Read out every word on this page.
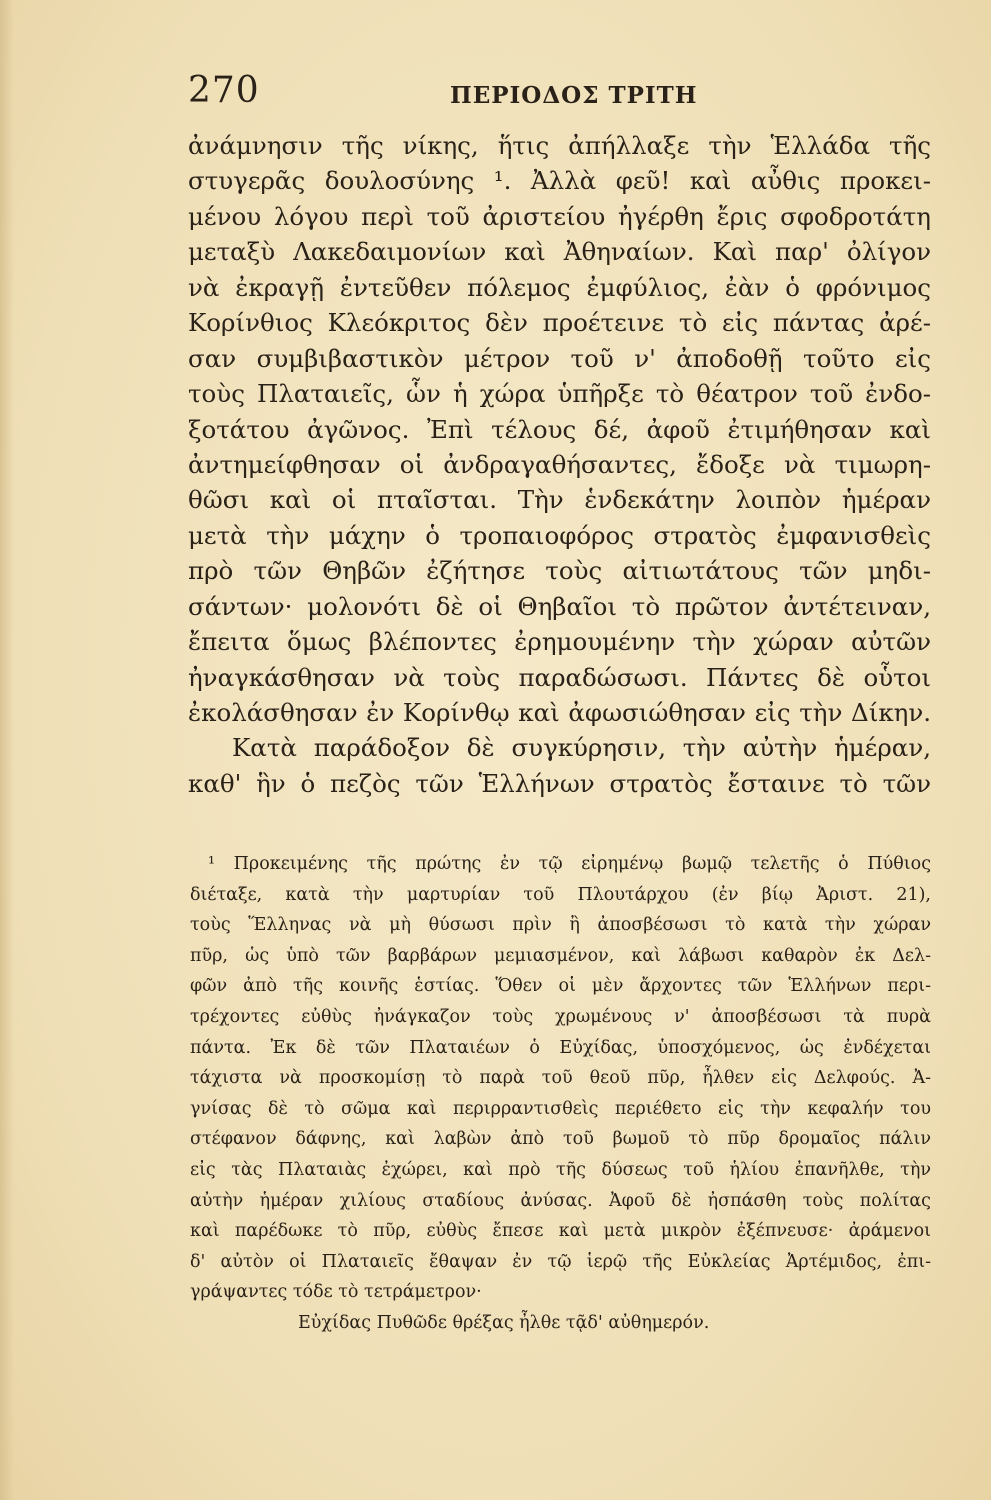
270	ΠΕΡΙΟΔΟΣ ΤΡΙΤΗ
ἀνάμνησιν τῆς νίκης, ἥτις ἀπήλλαξε τὴν Ἑλλάδα τῆς
στυγερᾶς δουλοσύνης ¹. Ἀλλὰ φεῦ! καὶ αὖθις προκει-
μένου λόγου περὶ τοῦ ἀριστείου ἠγέρθη ἔρις σφοδροτάτη
μεταξὺ Λακεδαιμονίων καὶ Ἀθηναίων. Καὶ παρ' ὀλίγον
νὰ ἐκραγῇ ἐντεῦθεν πόλεμος ἐμφύλιος, ἐὰν ὁ φρόνιμος
Κορίνθιος Κλεόκριτος δὲν προέτεινε τὸ εἰς πάντας ἀρέ-
σαν συμβιβαστικὸν μέτρον τοῦ ν' ἀποδοθῇ τοῦτο εἰς
τοὺς Πλαταιεῖς, ὧν ἡ χώρα ὑπῆρξε τὸ θέατρον τοῦ ἐνδο-
ξοτάτου ἀγῶνος. Ἐπὶ τέλους δέ, ἀφοῦ ἐτιμήθησαν καὶ
ἀντημείφθησαν οἱ ἀνδραγαθήσαντες, ἔδοξε νὰ τιμωρη-
θῶσι καὶ οἱ πταῖσται. Τὴν ἑνδεκάτην λοιπὸν ἡμέραν
μετὰ τὴν μάχην ὁ τροπαιοφόρος στρατὸς ἐμφανισθεὶς
πρὸ τῶν Θηβῶν ἐζήτησε τοὺς αἰτιωτάτους τῶν μηδι-
σάντων· μολονότι δὲ οἱ Θηβαῖοι τὸ πρῶτον ἀντέτειναν,
ἔπειτα ὅμως βλέποντες ἐρημουμένην τὴν χώραν αὐτῶν
ἠναγκάσθησαν νὰ τοὺς παραδώσωσι. Πάντες δὲ οὗτοι
ἐκολάσθησαν ἐν Κορίνθῳ καὶ ἀφωσιώθησαν εἰς τὴν Δίκην.
Κατὰ παράδοξον δὲ συγκύρησιν, τὴν αὐτὴν ἡμέραν,
καθ' ἣν ὁ πεζὸς τῶν Ἑλλήνων στρατὸς ἔσταινε τὸ τῶν
¹ Προκειμένης τῆς πρώτης ἐν τῷ εἰρημένῳ βωμῷ τελετῆς ὁ Πύθιος
διέταξε, κατὰ τὴν μαρτυρίαν τοῦ Πλουτάρχου (ἐν βίῳ Ἀριστ. 21),
τοὺς Ἕλληνας νὰ μὴ θύσωσι πρὶν ἢ ἀποσβέσωσι τὸ κατὰ τὴν χώραν
πῦρ, ὡς ὑπὸ τῶν βαρβάρων μεμιασμένον, καὶ λάβωσι καθαρὸν ἐκ Δελ-
φῶν ἀπὸ τῆς κοινῆς ἑστίας. Ὅθεν οἱ μὲν ἄρχοντες τῶν Ἑλλήνων περι-
τρέχοντες εὐθὺς ἠνάγκαζον τοὺς χρωμένους ν' ἀποσβέσωσι τὰ πυρὰ
πάντα. Ἐκ δὲ τῶν Πλαταιέων ὁ Εὐχίδας, ὑποσχόμενος, ὡς ἐνδέχεται
τάχιστα νὰ προσκομίσῃ τὸ παρὰ τοῦ θεοῦ πῦρ, ἦλθεν εἰς Δελφούς. Ἀ-
γνίσας δὲ τὸ σῶμα καὶ περιρραντισθεὶς περιέθετο εἰς τὴν κεφαλήν του
στέφανον δάφνης, καὶ λαβὼν ἀπὸ τοῦ βωμοῦ τὸ πῦρ δρομαῖος πάλιν
εἰς τὰς Πλαταιὰς ἐχώρει, καὶ πρὸ τῆς δύσεως τοῦ ἡλίου ἐπανῆλθε, τὴν
αὐτὴν ἡμέραν χιλίους σταδίους ἀνύσας. Ἀφοῦ δὲ ἠσπάσθη τοὺς πολίτας
καὶ παρέδωκε τὸ πῦρ, εὐθὺς ἔπεσε καὶ μετὰ μικρὸν ἐξέπνευσε· ἀράμενοι
δ' αὐτὸν οἱ Πλαταιεῖς ἔθαψαν ἐν τῷ ἱερῷ τῆς Εὐκλείας Ἀρτέμιδος, ἐπι-
γράψαντες τόδε τὸ τετράμετρον·
Εὐχίδας Πυθῶδε θρέξας ἦλθε τᾷδ' αὐθημερόν.
